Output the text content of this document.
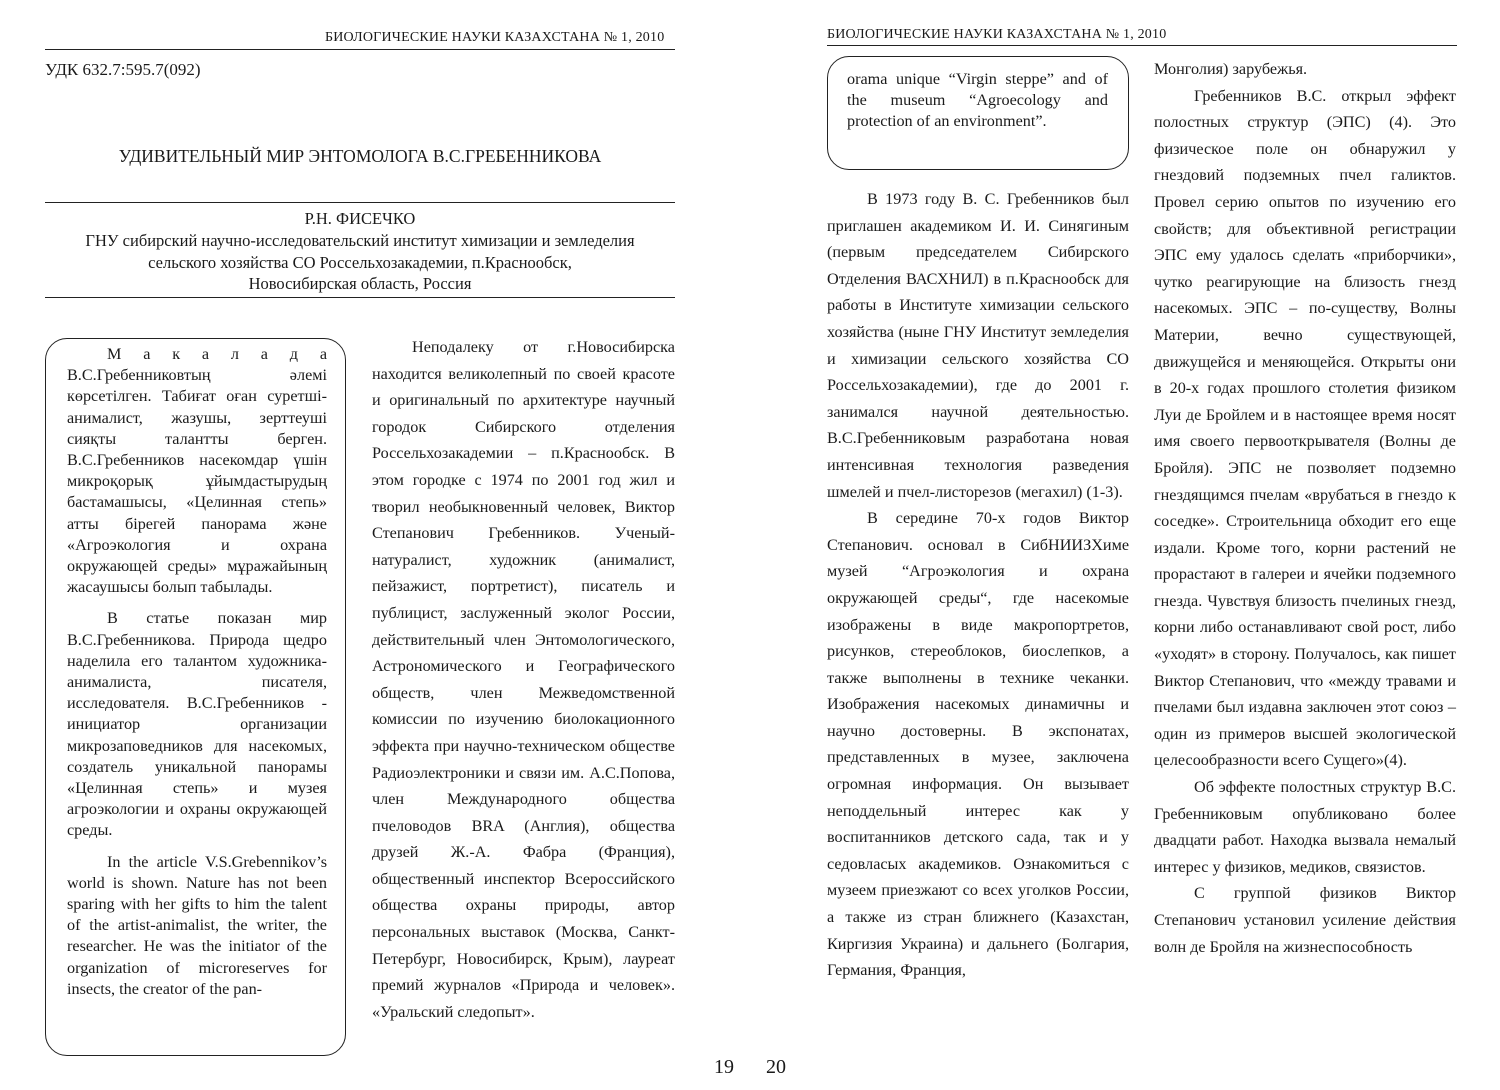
БИОЛОГИЧЕСКИЕ НАУКИ КАЗАХСТАНА № 1, 2010
УДК 632.7:595.7(092)
УДИВИТЕЛЬНЫЙ МИР ЭНТОМОЛОГА В.С.ГРЕБЕННИКОВА
Р.Н. ФИСЕЧКО
ГНУ сибирский научно-исследовательский институт химизации и земледелия
сельского хозяйства СО Россельхозакадемии, п.Краснообск,
Новосибирская область, Россия

М а к а л а д а В.С.Гребенниковтың әлемі көрсетілген. Табиғат оған суретші-анималист, жазушы, зерттеуші сияқты талантты берген. В.С.Гребенников насекомдар үшін микроқорық ұйымдастырудың бастамашысы, «Целинная степь» атты бірегей панорама және «Агроэкология и охрана окружающей среды» мұражайының жасаушысы болып табылады.

В статье показан мир В.С.Гребенникова. Природа щедро наделила его талантом художника-анималиста, писателя, исследователя. В.С.Гребенников - инициатор организации микрозаповедников для насекомых, создатель уникальной панорамы «Целинная степь» и музея агроэкологии и охраны окружающей среды.

In the article V.S.Grebennikov’s world is shown. Nature has not been sparing with her gifts to him the talent of the artist-animalist, the writer, the researcher. He was the initiator of the organization of microreserves for insects, the creator of the pan-

Неподалеку от г.Новосибирска находится великолепный по своей красоте и оригинальный по архитектуре научный городок Сибирского отделения Россельхозакадемии – п.Краснообск. В этом городке с 1974 по 2001 год жил и творил необыкновенный человек, Виктор Степанович Гребенников. Ученый-натуралист, художник (анималист, пейзажист, портретист), писатель и публицист, заслуженный эколог России, действительный член Энтомологического, Астрономического и Географического обществ, член Межведомственной комиссии по изучению биолокационного эффекта при научно-техническом обществе Радиоэлектроники и связи им. А.С.Попова, член Международного общества пчеловодов BRA (Англия), общества друзей Ж.-А. Фабра (Франция), общественный инспектор Всероссийского общества охраны природы, автор персональных выставок (Москва, Санкт-Петербург, Новосибирск, Крым), лауреат премий журналов «Природа и человек». «Уральский следопыт».

19
БИОЛОГИЧЕСКИЕ НАУКИ КАЗАХСТАНА № 1, 2010
orama unique “Virgin steppe” and of the museum “Agroecology and protection of an environment”.

В 1973 году В. С. Гребенников был приглашен академиком И. И. Синягиным (первым председателем Сибирского Отделения ВАСХНИЛ) в п.Краснообск для работы в Институте химизации сельского хозяйства (ныне ГНУ Институт земледелия и химизации сельского хозяйства СО Россельхозакадемии), где до 2001 г. занимался научной деятельностью. В.С.Гребенниковым разработана новая интенсивная технология разведения шмелей и пчел-листорезов (мегахил) (1-3).

В середине 70-х годов Виктор Степанович. основал в СибНИИЗХиме музей “Агроэкология и охрана окружающей среды“, где насекомые изображены в виде макропортретов, рисунков, стереоблоков, биослепков, а также выполнены в технике чеканки. Изображения насекомых динамичны и научно достоверны. В экспонатах, представленных в музее, заключена огромная информация. Он вызывает неподдельный интерес как у воспитанников детского сада, так и у седовласых академиков. Ознакомиться с музеем приезжают со всех уголков России, а также из стран ближнего (Казахстан, Киргизия Украина) и дальнего (Болгария, Германия, Франция,

Монголия) зарубежья.

Гребенников В.С. открыл эффект полостных структур (ЭПС) (4). Это физическое поле он обнаружил у гнездовий подземных пчел галиктов. Провел серию опытов по изучению его свойств; для объективной регистрации ЭПС ему удалось сделать «приборчики», чутко реагирующие на близость гнезд насекомых. ЭПС – по-существу, Волны Материи, вечно существующей, движущейся и меняющейся. Открыты они в 20-х годах прошлого столетия физиком Луи де Бройлем и в настоящее время носят имя своего первооткрывателя (Волны де Бройля). ЭПС не позволяет подземно гнездящимся пчелам «врубаться в гнездо к соседке». Строительница обходит его еще издали. Кроме того, корни растений не прорастают в галереи и ячейки подземного гнезда. Чувствуя близость пчелиных гнезд, корни либо останавливают свой рост, либо «уходят» в сторону. Получалось, как пишет Виктор Степанович, что «между травами и пчелами был издавна заключен этот союз – один из примеров высшей экологической целесообразности всего Сущего»(4).

Об эффекте полостных структур В.С. Гребенниковым опубликовано более двадцати работ. Находка вызвала немалый интерес у физиков, медиков, связистов.

С группой физиков Виктор Степанович установил усиление действия волн де Бройля на жизнеспособность

20
